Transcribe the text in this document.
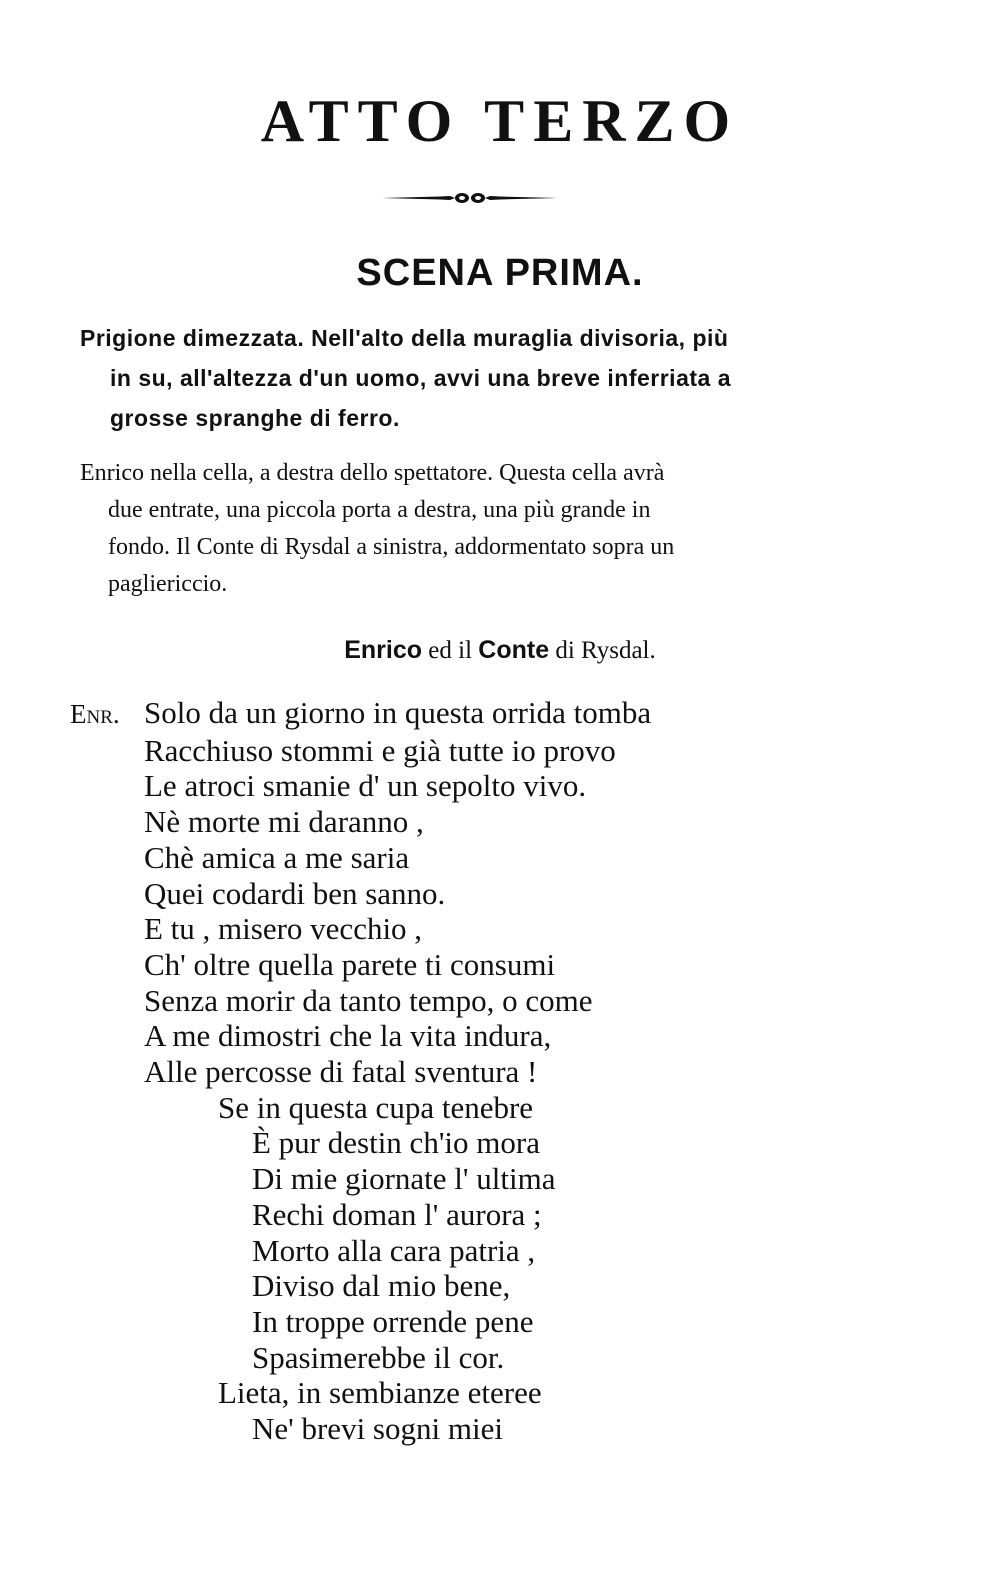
ATTO TERZO
SCENA PRIMA.
Prigione dimezzata. Nell'alto della muraglia divisoria, più
in su, all'altezza d'un uomo, avvi una breve inferriata a
grosse spranghe di ferro.
Enrico nella cella, a destra dello spettatore. Questa cella avrà
due entrate, una piccola porta a destra, una più grande in
fondo. Il Conte di Rysdal a sinistra, addormentato sopra un
pagliericcio.
Enrico ed il Conte di Rysdal.
Enr. Solo da un giorno in questa orrida tomba
Racchiuso stommi e già tutte io provo
Le atroci smanie d' un sepolto vivo.
Nè morte mi daranno ,
Chè amica a me saria
Quei codardi ben sanno.
E tu , misero vecchio ,
Ch' oltre quella parete ti consumi
Senza morir da tanto tempo, o come
A me dimostri che la vita indura,
Alle percosse di fatal sventura !
Se in questa cupa tenebre
È pur destin ch'io mora
Di mie giornate l' ultima
Rechi doman l' aurora ;
Morto alla cara patria ,
Diviso dal mio bene,
In troppe orrende pene
Spasimerebbe il cor.
Lieta, in sembianze eteree
Ne' brevi sogni miei
